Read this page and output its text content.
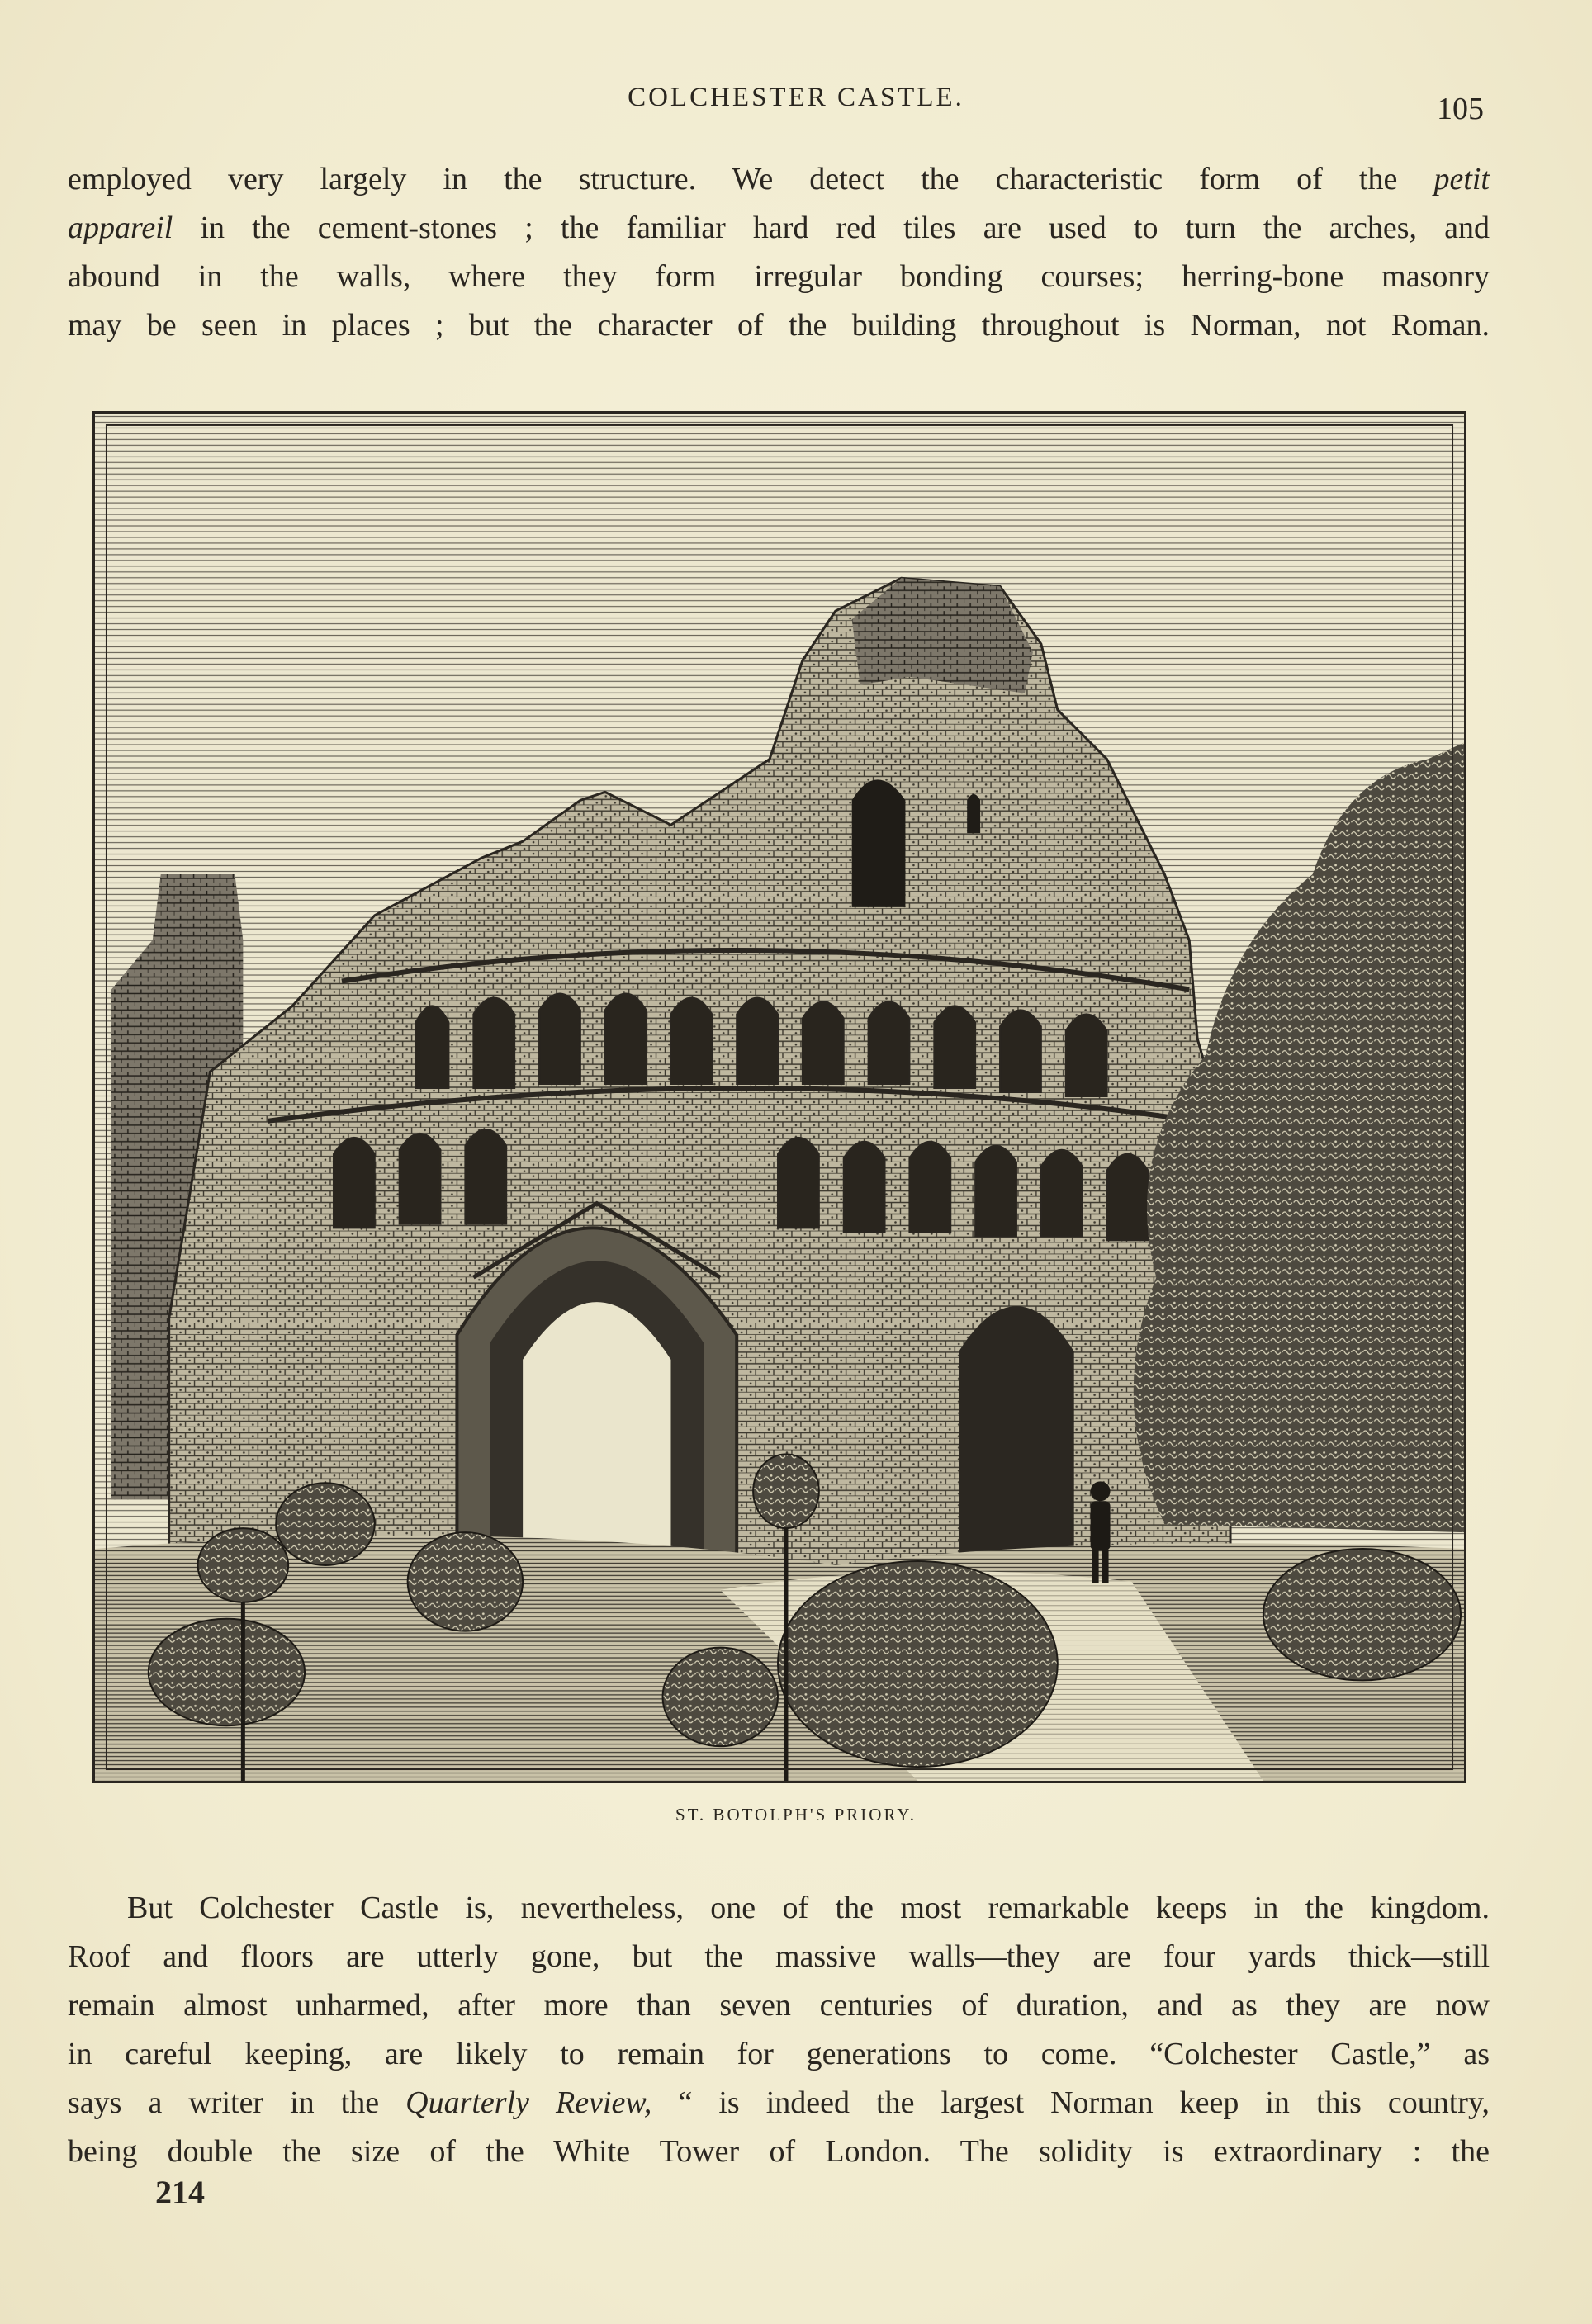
COLCHESTER CASTLE.	105
employed very largely in the structure. We detect the characteristic form of the petit
appareil in the cement-stones ; the familiar hard red tiles are used to turn the arches, and
abound in the walls, where they form irregular bonding courses; herring-bone masonry
may be seen in places ; but the character of the building throughout is Norman, not Roman.
ST. BOTOLPH'S PRIORY.
But Colchester Castle is, nevertheless, one of the most remarkable keeps in the kingdom.
Roof and floors are utterly gone, but the massive walls—they are four yards thick—still
remain almost unharmed, after more than seven centuries of duration, and as they are now
in careful keeping, are likely to remain for generations to come. “Colchester Castle,” as
says a writer in the Quarterly Review, “ is indeed the largest Norman keep in this country,
being double the size of the White Tower of London. The solidity is extraordinary : the
214
